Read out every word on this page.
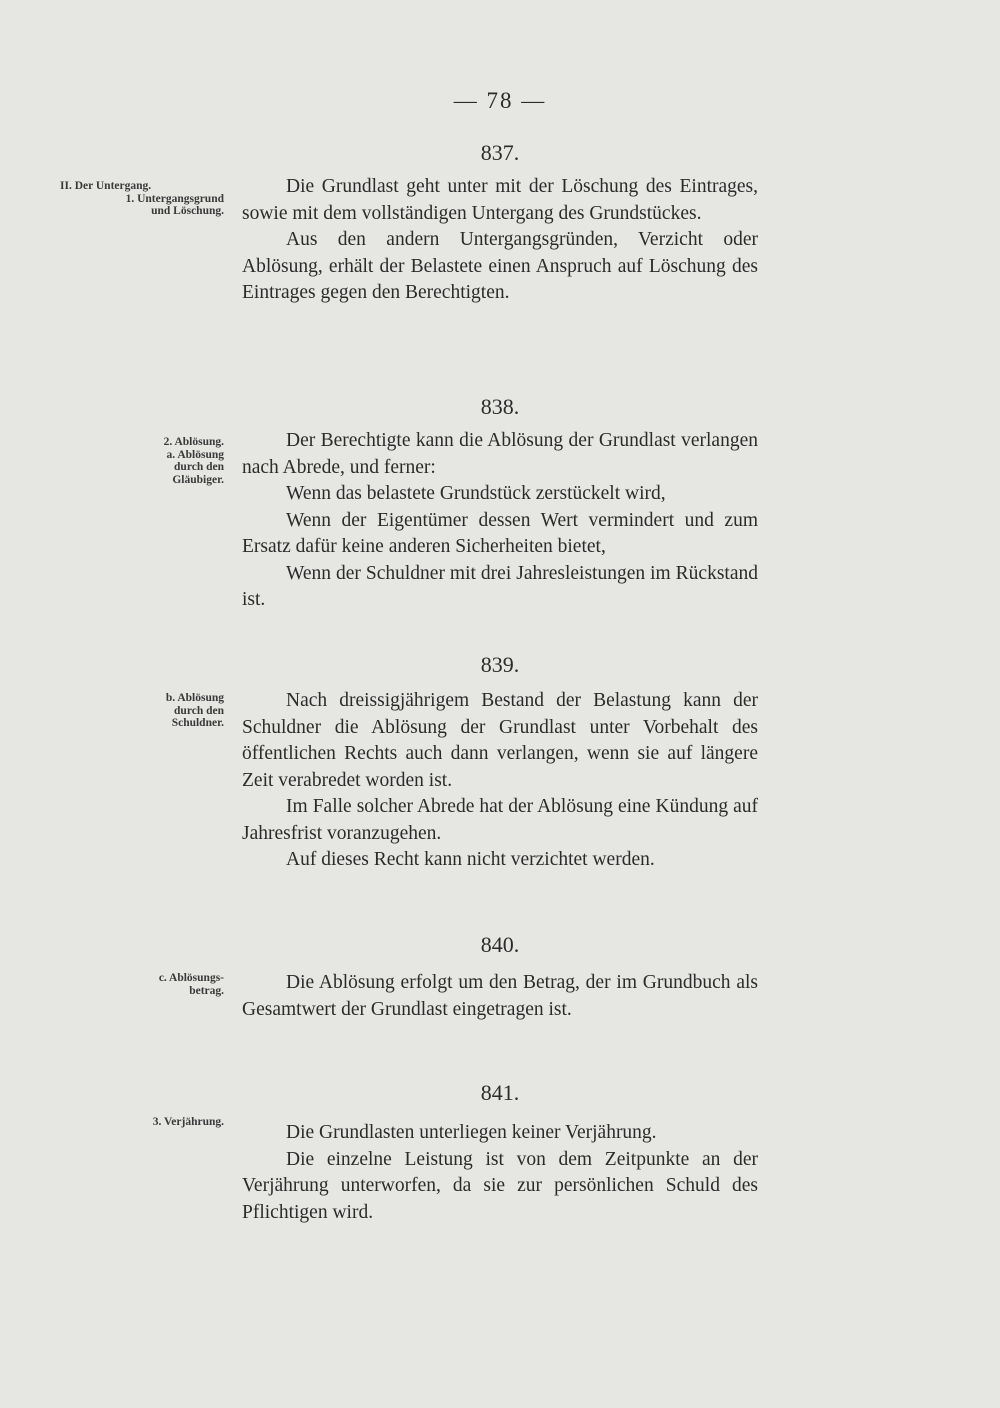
— 78 —
837.
II. Der Untergang.
1. Untergangsgrund
und Löschung.

Die Grundlast geht unter mit der Löschung des Eintrages, sowie mit dem vollständigen Untergang des Grundstückes.

Aus den andern Untergangsgründen, Verzicht oder Ablösung, erhält der Belastete einen Anspruch auf Löschung des Eintrages gegen den Berechtigten.

838.
2. Ablösung.
a. Ablösung
durch den
Gläubiger.

Der Berechtigte kann die Ablösung der Grundlast verlangen nach Abrede, und ferner:

Wenn das belastete Grundstück zerstückelt wird,

Wenn der Eigentümer dessen Wert vermindert und zum Ersatz dafür keine anderen Sicherheiten bietet,

Wenn der Schuldner mit drei Jahresleistungen im Rückstand ist.

839.
b. Ablösung
durch den
Schuldner.

Nach dreissigjährigem Bestand der Belastung kann der Schuldner die Ablösung der Grundlast unter Vorbehalt des öffentlichen Rechts auch dann verlangen, wenn sie auf längere Zeit verabredet worden ist.

Im Falle solcher Abrede hat der Ablösung eine Kündung auf Jahresfrist voranzugehen.

Auf dieses Recht kann nicht verzichtet werden.

840.
c. Ablösungs-
betrag.	Die Ablösung erfolgt um den Betrag, der im Grundbuch als Gesamtwert der Grundlast eingetragen ist.

841.
3. Verjährung.	Die Grundlasten unterliegen keiner Verjährung.

Die einzelne Leistung ist von dem Zeitpunkte an der Verjährung unterworfen, da sie zur persönlichen Schuld des Pflichtigen wird.
